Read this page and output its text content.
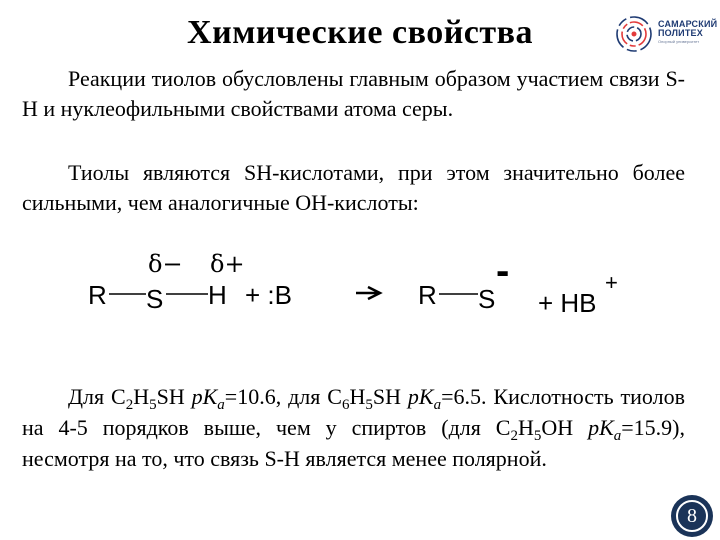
Химические свойства	САМАРСКИЙ
ПОЛИТЕХ
Опорный университет
Реакции тиолов обусловлены главным образом участием связи S-H и нуклеофильными свойствами атома серы.
Тиолы являются SH-кислотами, при этом значительно более сильными, чем аналогичные OH-кислоты:
δ− δ+
R S H + :B	R S
-
+ HB
+
Для $C_2H_5SH$ $pK_a=10.6$, для $C_6H_5SH$ $pK_a=6.5$. Кислотность тиолов на 4-5 порядков выше, чем у спиртов (для $C_2H_5OH$ $pK_a=15.9$), несмотря на то, что связь S-H является менее полярной.
8
